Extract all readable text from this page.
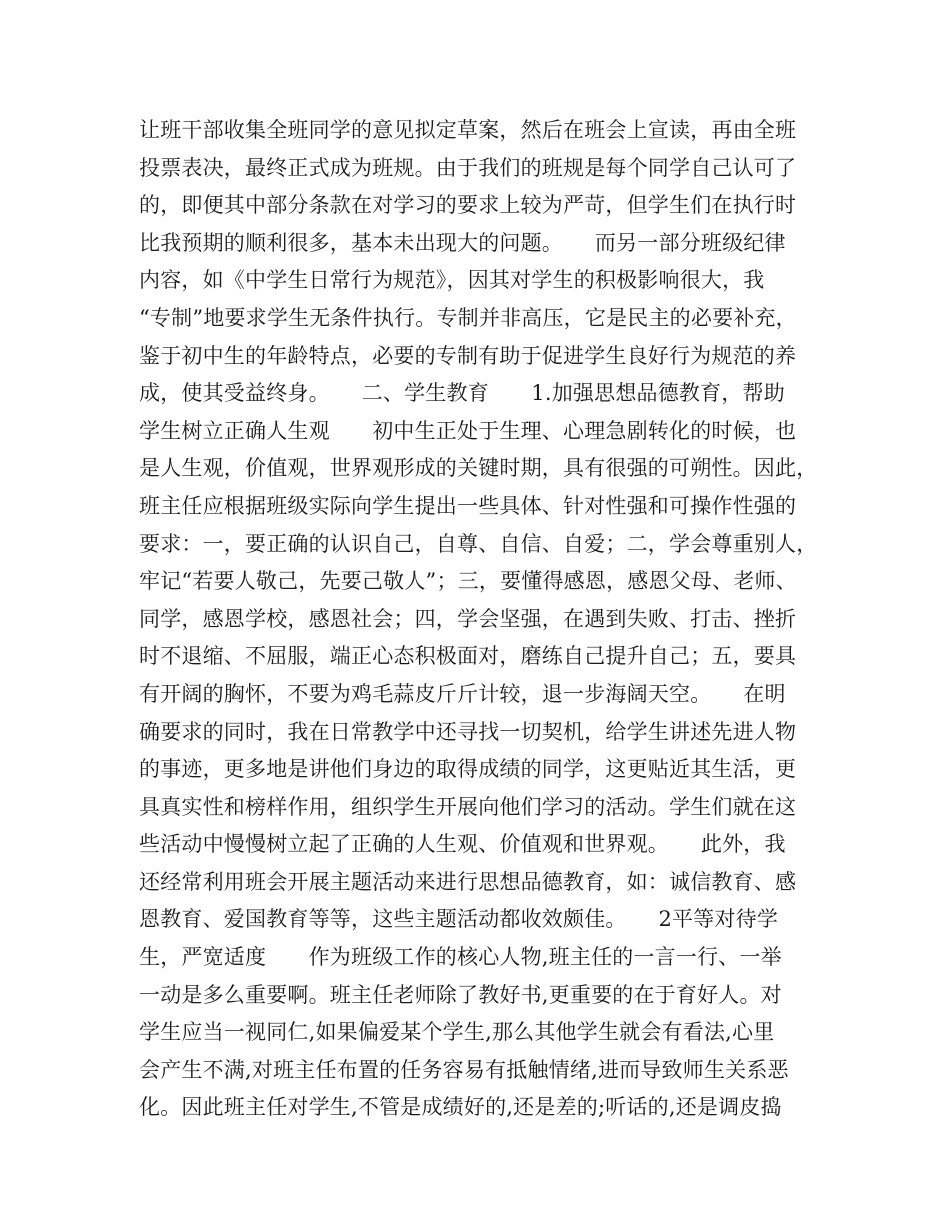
让班干部收集全班同学的意见拟定草案，然后在班会上宣读，再由全班
投票表决，最终正式成为班规。由于我们的班规是每个同学自己认可了
的，即便其中部分条款在对学习的要求上较为严苛，但学生们在执行时
比我预期的顺利很多，基本未出现大的问题。　　而另一部分班级纪律
内容，如《中学生日常行为规范》，因其对学生的积极影响很大，我
“专制”地要求学生无条件执行。专制并非高压，它是民主的必要补充，
鉴于初中生的年龄特点，必要的专制有助于促进学生良好行为规范的养
成，使其受益终身。　　二、学生教育　　1.加强思想品德教育，帮助
学生树立正确人生观　　初中生正处于生理、心理急剧转化的时候，也
是人生观，价值观，世界观形成的关键时期，具有很强的可朔性。因此，
班主任应根据班级实际向学生提出一些具体、针对性强和可操作性强的
要求：一，要正确的认识自己，自尊、自信、自爱；二，学会尊重别人，
牢记“若要人敬己，先要己敬人”；三，要懂得感恩，感恩父母、老师、
同学，感恩学校，感恩社会；四，学会坚强，在遇到失败、打击、挫折
时不退缩、不屈服，端正心态积极面对，磨练自己提升自己；五，要具
有开阔的胸怀，不要为鸡毛蒜皮斤斤计较，退一步海阔天空。　　在明
确要求的同时，我在日常教学中还寻找一切契机，给学生讲述先进人物
的事迹，更多地是讲他们身边的取得成绩的同学，这更贴近其生活，更
具真实性和榜样作用，组织学生开展向他们学习的活动。学生们就在这
些活动中慢慢树立起了正确的人生观、价值观和世界观。　　此外，我
还经常利用班会开展主题活动来进行思想品德教育，如：诚信教育、感
恩教育、爱国教育等等，这些主题活动都收效颇佳。　　2平等对待学
生，严宽适度　　作为班级工作的核心人物,班主任的一言一行、一举
一动是多么重要啊。班主任老师除了教好书,更重要的在于育好人。对
学生应当一视同仁,如果偏爱某个学生,那么其他学生就会有看法,心里
会产生不满,对班主任布置的任务容易有抵触情绪,进而导致师生关系恶
化。因此班主任对学生,不管是成绩好的,还是差的;听话的,还是调皮捣
